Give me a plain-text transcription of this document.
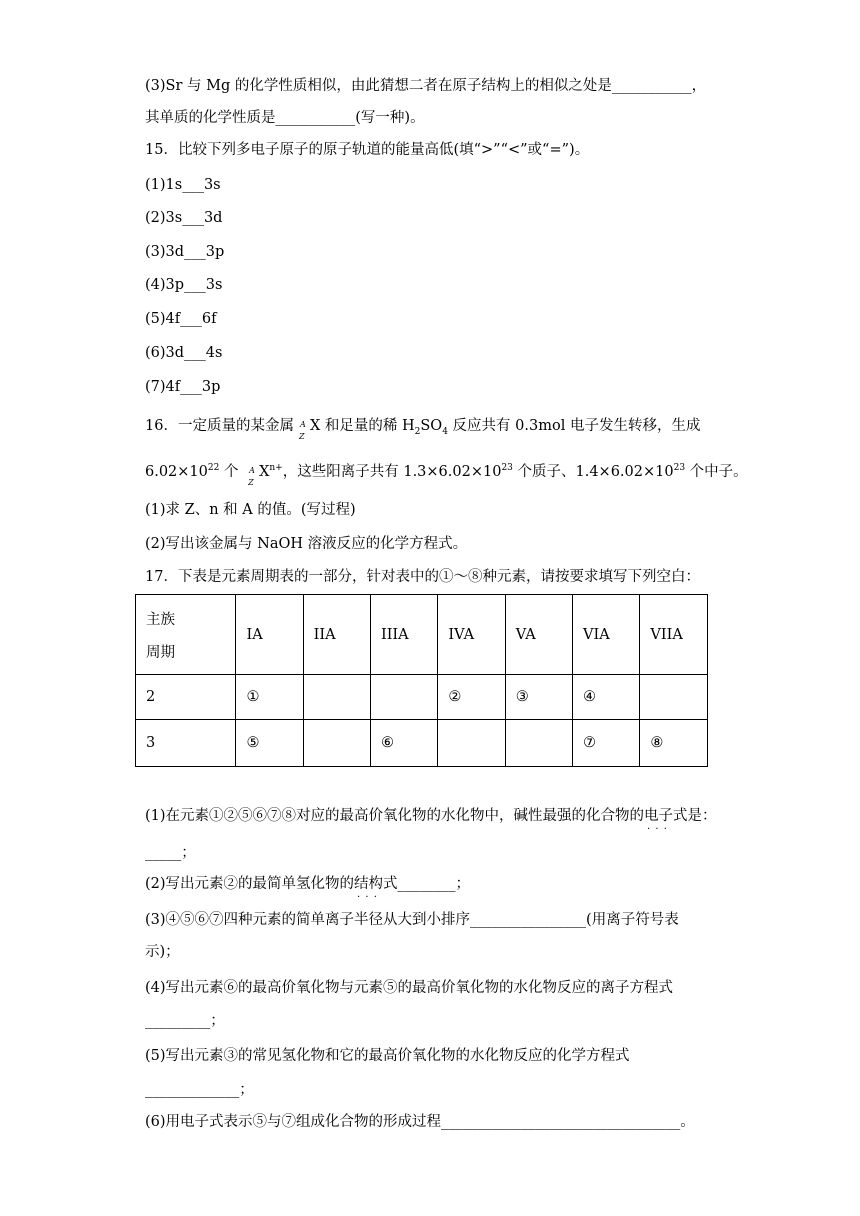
(3)Sr 与 Mg 的化学性质相似，由此猜想二者在原子结构上的相似之处是___________，
其单质的化学性质是___________(写一种)。
15．比较下列多电子原子的原子轨道的能量高低(填“>”“<”或“=”)。
(1)1s___3s
(2)3s___3d
(3)3d___3p
(4)3p___3s
(5)4f___6f
(6)3d___4s
(7)4f___3p
16．一定质量的某金属 A
Z
X 和足量的稀 $H_2SO_4$ 反应共有 0.3mol 电子发生转移，生成
$6.02\times 10^{22}$ 个 A
Z
$X^{n+}$，这些阳离子共有 $1.3\times 6.02\times 10^{23}$ 个质子、$1.4\times 6.02\times 10^{23}$ 个中子。
(1)求 Z、n 和 A 的值。(写过程)
(2)写出该金属与 NaOH 溶液反应的化学方程式。
17．下表是元素周期表的一部分，针对表中的①～⑧种元素，请按要求填写下列空白：
主族
周期	IA	IIA	IIIA	IVA	VA	VIA	VIIA
2	①			②	③	④	
3	⑤		⑥			⑦	⑧
(1)在元素①②⑤⑥⑦⑧对应的最高价氧化物的水化物中，碱性最强的化合物的电子式 · · ·是：
_____；
(2)写出元素②的最简单氢化物的结构式 · · ·________；
(3)④⑤⑥⑦四种元素的简单离子半径从大到小排序________________(用离子符号表
示)；
(4)写出元素⑥的最高价氧化物与元素⑤的最高价氧化物的水化物反应的离子方程式
_________；
(5)写出元素③的常见氢化物和它的最高价氧化物的水化物反应的化学方程式
_____________；
(6)用电子式表示⑤与⑦组成化合物的形成过程_________________________________。
